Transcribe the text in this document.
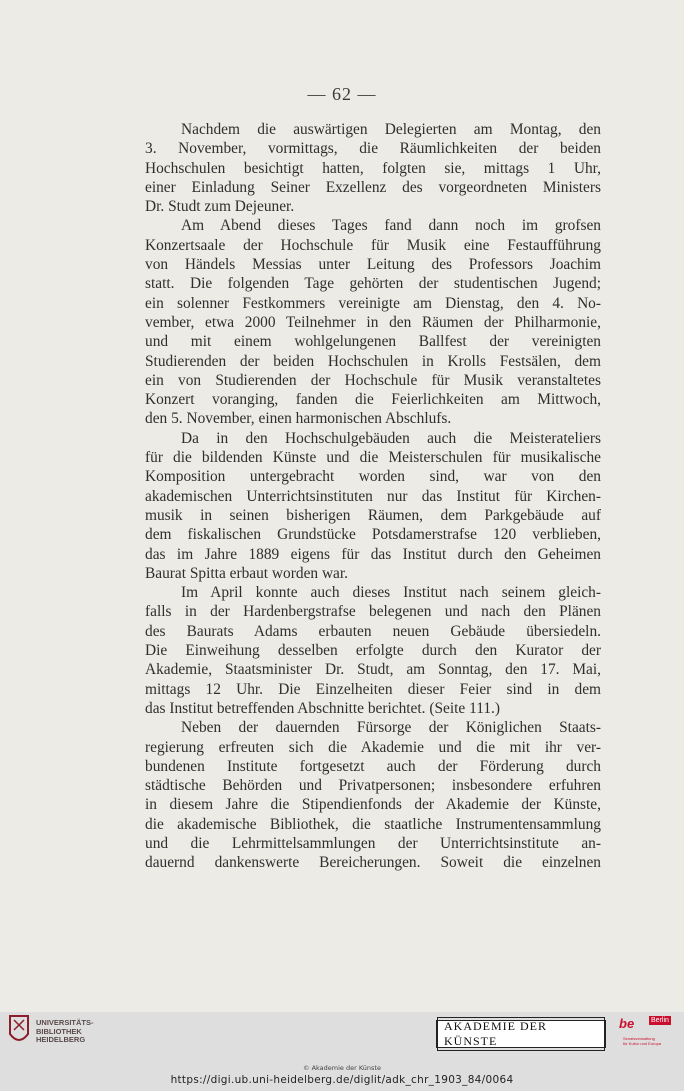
— 62 —

Nachdem die auswärtigen Delegierten am Montag, den
3. November, vormittags, die Räumlichkeiten der beiden
Hochschulen besichtigt hatten, folgten sie, mittags 1 Uhr,
einer Einladung Seiner Exzellenz des vorgeordneten Ministers
Dr. Studt zum Dejeuner.

Am Abend dieses Tages fand dann noch im grofsen
Konzertsaale der Hochschule für Musik eine Festaufführung
von Händels Messias unter Leitung des Professors Joachim
statt. Die folgenden Tage gehörten der studentischen Jugend;
ein solenner Festkommers vereinigte am Dienstag, den 4. No-
vember, etwa 2000 Teilnehmer in den Räumen der Philharmonie,
und mit einem wohlgelungenen Ballfest der vereinigten
Studierenden der beiden Hochschulen in Krolls Festsälen, dem
ein von Studierenden der Hochschule für Musik veranstaltetes
Konzert voranging, fanden die Feierlichkeiten am Mittwoch,
den 5. November, einen harmonischen Abschlufs.

Da in den Hochschulgebäuden auch die Meisterateliers
für die bildenden Künste und die Meisterschulen für musikalische
Komposition untergebracht worden sind, war von den
akademischen Unterrichtsinstituten nur das Institut für Kirchen-
musik in seinen bisherigen Räumen, dem Parkgebäude auf
dem fiskalischen Grundstücke Potsdamerstrafse 120 verblieben,
das im Jahre 1889 eigens für das Institut durch den Geheimen
Baurat Spitta erbaut worden war.

Im April konnte auch dieses Institut nach seinem gleich-
falls in der Hardenbergstrafse belegenen und nach den Plänen
des Baurats Adams erbauten neuen Gebäude übersiedeln.
Die Einweihung desselben erfolgte durch den Kurator der
Akademie, Staatsminister Dr. Studt, am Sonntag, den 17. Mai,
mittags 12 Uhr. Die Einzelheiten dieser Feier sind in dem
das Institut betreffenden Abschnitte berichtet. (Seite 111.)

Neben der dauernden Fürsorge der Königlichen Staats-
regierung erfreuten sich die Akademie und die mit ihr ver-
bundenen Institute fortgesetzt auch der Förderung durch
städtische Behörden und Privatpersonen; insbesondere erfuhren
in diesem Jahre die Stipendienfonds der Akademie der Künste,
die akademische Bibliothek, die staatliche Instrumentensammlung
und die Lehrmittelsammlungen der Unterrichtsinstitute an-
dauernd dankenswerte Bereicherungen. Soweit die einzelnen

UNIVERSITÄTS-
BIBLIOTHEK
HEIDELBERG
AKADEMIE DER KÜNSTE
be Berlin
Senatsverwaltung
für Kultur und Europa
© Akademie der Künste
https://digi.ub.uni-heidelberg.de/diglit/adk_chr_1903_84/0064
